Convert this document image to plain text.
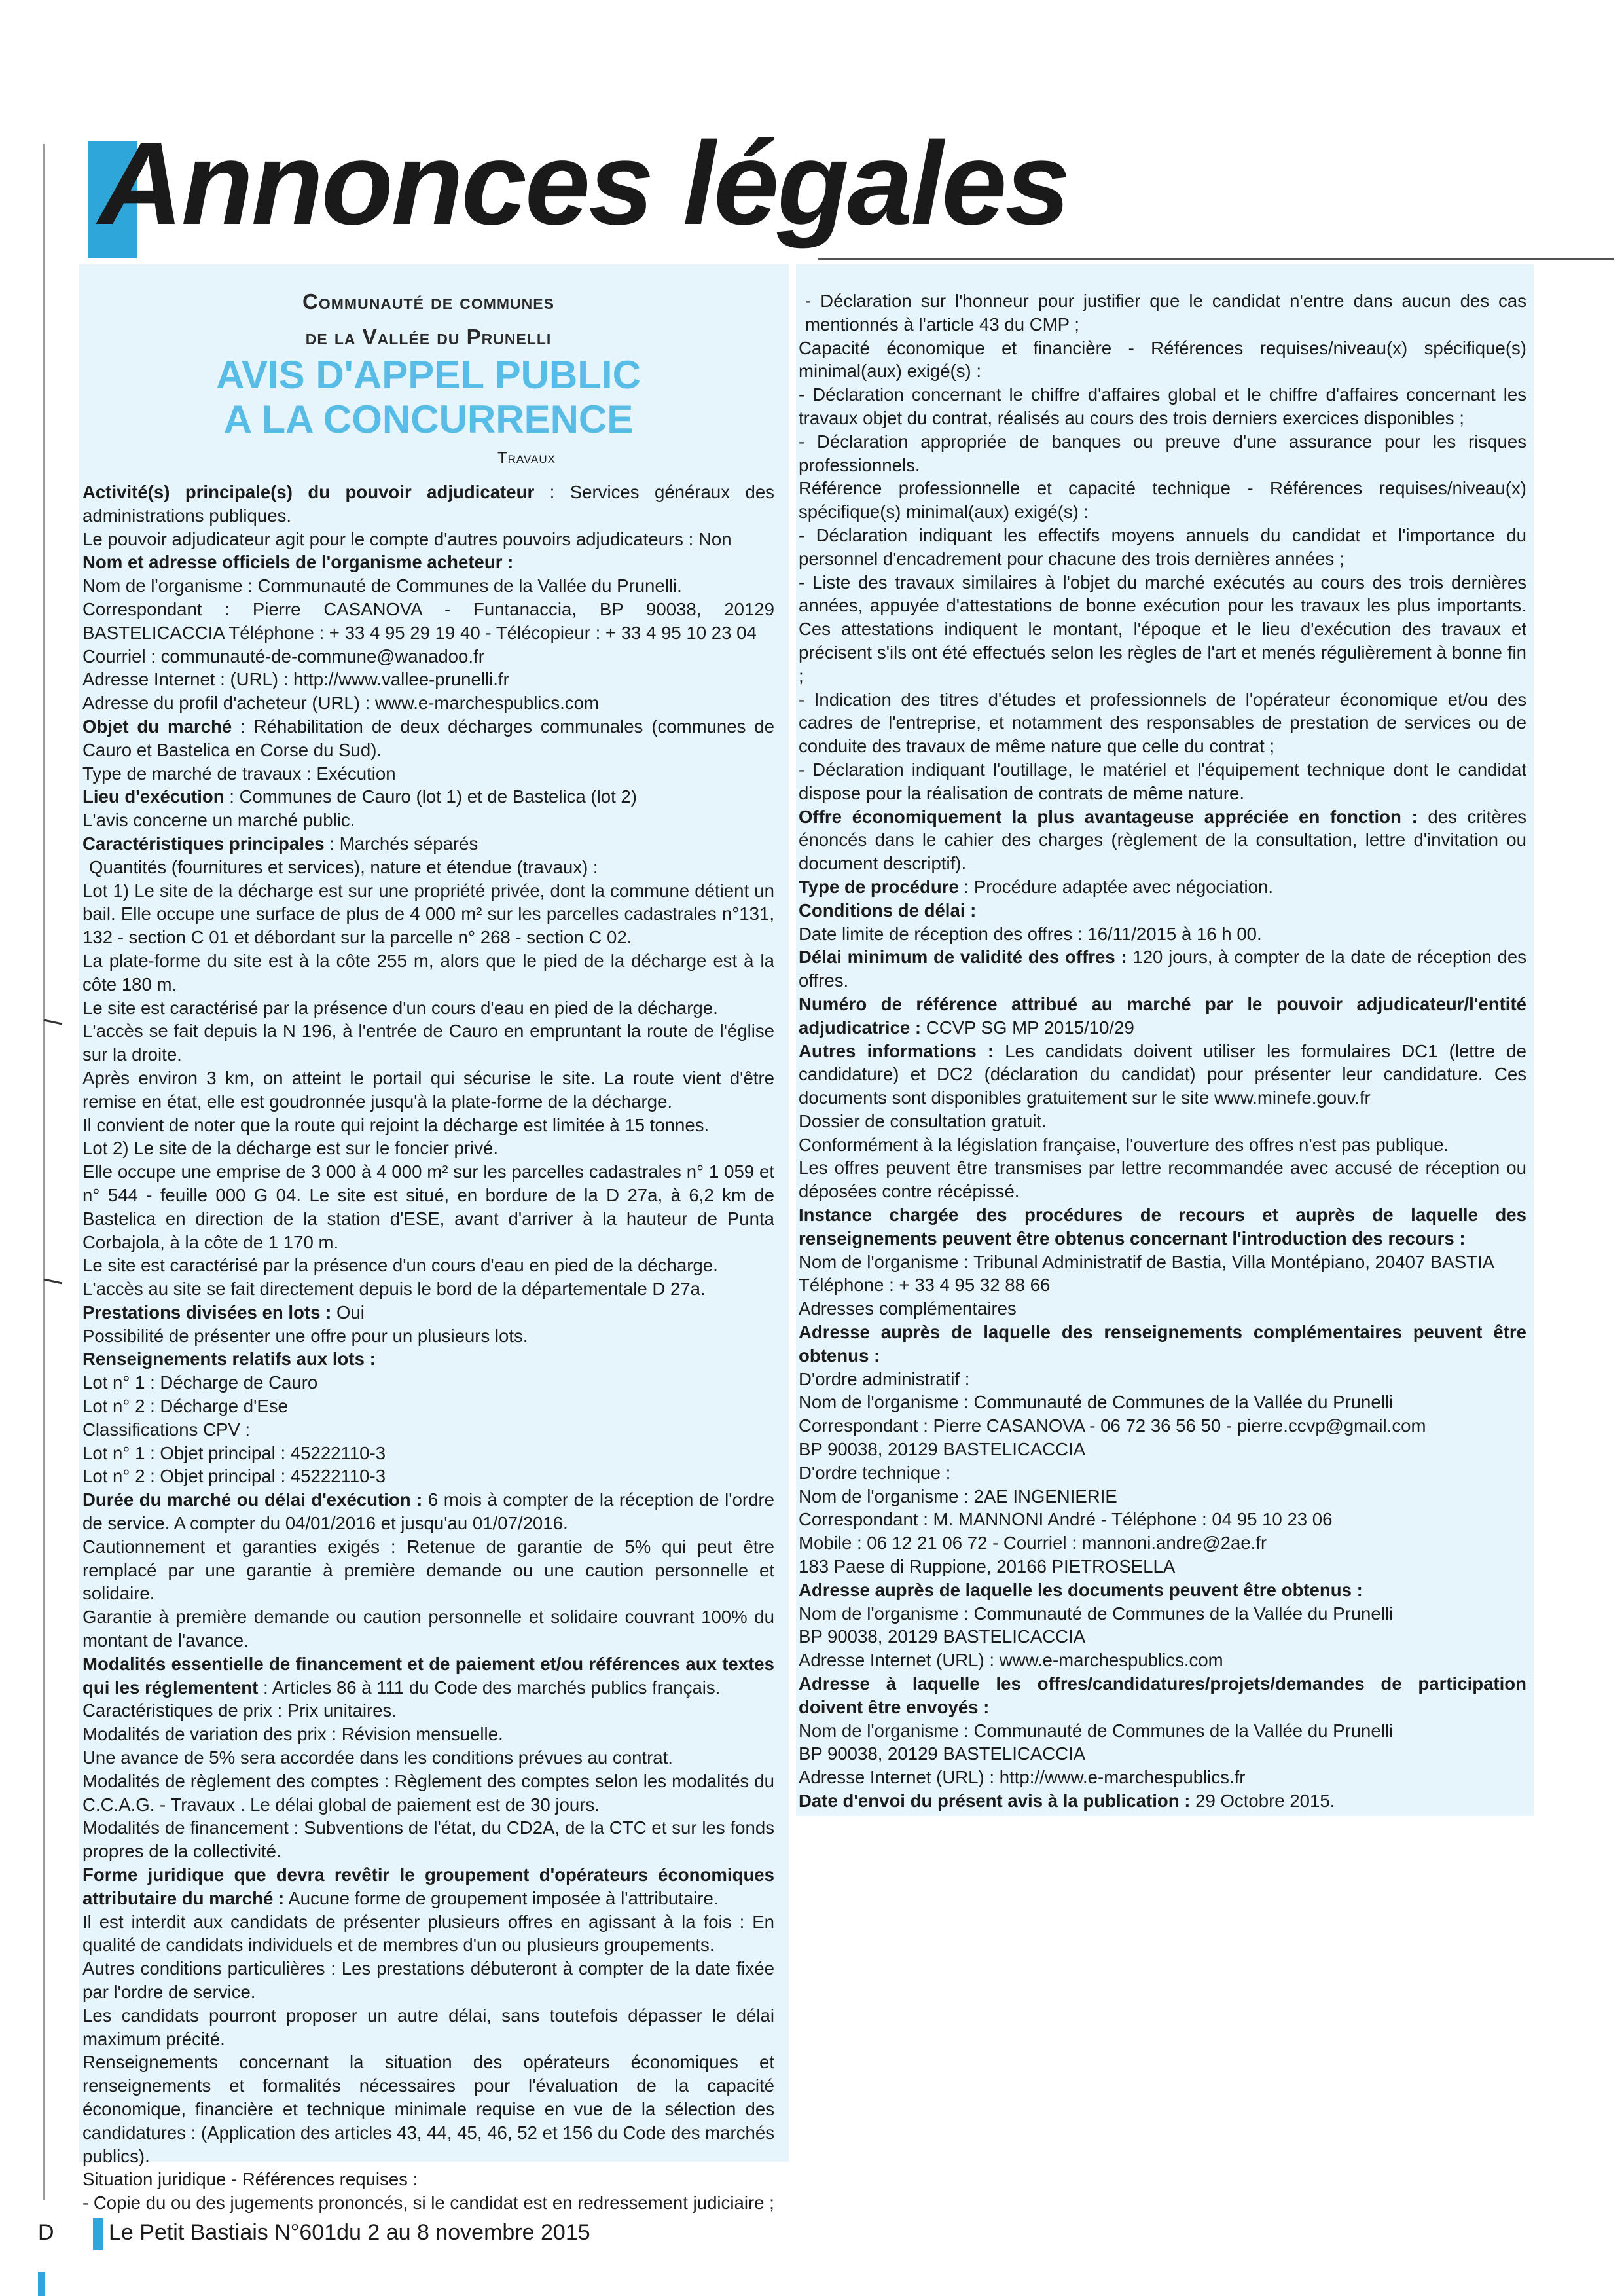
Annonces légales
Communauté de communes
de la Vallée du Prunelli
AVIS D'APPEL PUBLIC
A LA CONCURRENCE
Travaux

Activité(s) principale(s) du pouvoir adjudicateur : Services généraux des administrations publiques.

Le pouvoir adjudicateur agit pour le compte d'autres pouvoirs adjudicateurs : Non

Nom et adresse officiels de l'organisme acheteur :

Nom de l'organisme : Communauté de Communes de la Vallée du Prunelli.

Correspondant : Pierre CASANOVA - Funtanaccia, BP 90038, 20129 BASTELICACCIA Téléphone : + 33 4 95 29 19 40 - Télécopieur : + 33 4 95 10 23 04

Courriel : communauté-de-commune@wanadoo.fr

Adresse Internet : (URL) : http://www.vallee-prunelli.fr

Adresse du profil d'acheteur (URL) : www.e-marchespublics.com

Objet du marché : Réhabilitation de deux décharges communales (communes de Cauro et Bastelica en Corse du Sud).

Type de marché de travaux : Exécution

Lieu d'exécution : Communes de Cauro (lot 1) et de Bastelica (lot 2)

L'avis concerne un marché public.

Caractéristiques principales : Marchés séparés

Quantités (fournitures et services), nature et étendue (travaux) :

Lot 1) Le site de la décharge est sur une propriété privée, dont la commune détient un bail. Elle occupe une surface de plus de 4 000 m² sur les parcelles cadastrales n°131, 132 - section C 01 et débordant sur la parcelle n° 268 - section C 02.

La plate-forme du site est à la côte 255 m, alors que le pied de la décharge est à la côte 180 m.

Le site est caractérisé par la présence d'un cours d'eau en pied de la décharge.

L'accès se fait depuis la N 196, à l'entrée de Cauro en empruntant la route de l'église sur la droite.

Après environ 3 km, on atteint le portail qui sécurise le site. La route vient d'être remise en état, elle est goudronnée jusqu'à la plate-forme de la décharge.

Il convient de noter que la route qui rejoint la décharge est limitée à 15 tonnes.

Lot 2) Le site de la décharge est sur le foncier privé.

Elle occupe une emprise de 3 000 à 4 000 m² sur les parcelles cadastrales n° 1 059 et n° 544 - feuille 000 G 04. Le site est situé, en bordure de la D 27a, à 6,2 km de Bastelica en direction de la station d'ESE, avant d'arriver à la hauteur de Punta Corbajola, à la côte de 1 170 m.

Le site est caractérisé par la présence d'un cours d'eau en pied de la décharge.

L'accès au site se fait directement depuis le bord de la départementale D 27a.

Prestations divisées en lots : Oui

Possibilité de présenter une offre pour un plusieurs lots.

Renseignements relatifs aux lots :

Lot n° 1 : Décharge de Cauro

Lot n° 2 : Décharge d'Ese

Classifications CPV :

Lot n° 1 : Objet principal : 45222110-3

Lot n° 2 : Objet principal : 45222110-3

Durée du marché ou délai d'exécution : 6 mois à compter de la réception de l'ordre de service. A compter du 04/01/2016 et jusqu'au 01/07/2016.

Cautionnement et garanties exigés : Retenue de garantie de 5% qui peut être remplacé par une garantie à première demande ou une caution personnelle et solidaire.

Garantie à première demande ou caution personnelle et solidaire couvrant 100% du montant de l'avance.

Modalités essentielle de financement et de paiement et/ou références aux textes qui les réglementent : Articles 86 à 111 du Code des marchés publics français.

Caractéristiques de prix : Prix unitaires.

Modalités de variation des prix : Révision mensuelle.

Une avance de 5% sera accordée dans les conditions prévues au contrat.

Modalités de règlement des comptes : Règlement des comptes selon les modalités du C.C.A.G. - Travaux . Le délai global de paiement est de 30 jours.

Modalités de financement : Subventions de l'état, du CD2A, de la CTC et sur les fonds propres de la collectivité.

Forme juridique que devra revêtir le groupement d'opérateurs économiques attributaire du marché : Aucune forme de groupement imposée à l'attributaire.

Il est interdit aux candidats de présenter plusieurs offres en agissant à la fois : En qualité de candidats individuels et de membres d'un ou plusieurs groupements.

Autres conditions particulières : Les prestations débuteront à compter de la date fixée par l'ordre de service.

Les candidats pourront proposer un autre délai, sans toutefois dépasser le délai maximum précité.

Renseignements concernant la situation des opérateurs économiques et renseignements et formalités nécessaires pour l'évaluation de la capacité économique, financière et technique minimale requise en vue de la sélection des candidatures : (Application des articles 43, 44, 45, 46, 52 et 156 du Code des marchés publics).

Situation juridique - Références requises :

- Copie du ou des jugements prononcés, si le candidat est en redressement judiciaire ;

- Déclaration sur l'honneur pour justifier que le candidat n'entre dans aucun des cas mentionnés à l'article 43 du CMP ;

Capacité économique et financière - Références requises/niveau(x) spécifique(s) minimal(aux) exigé(s) :

- Déclaration concernant le chiffre d'affaires global et le chiffre d'affaires concernant les travaux objet du contrat, réalisés au cours des trois derniers exercices disponibles ;

- Déclaration appropriée de banques ou preuve d'une assurance pour les risques professionnels.

Référence professionnelle et capacité technique - Références requises/niveau(x) spécifique(s) minimal(aux) exigé(s) :

- Déclaration indiquant les effectifs moyens annuels du candidat et l'importance du personnel d'encadrement pour chacune des trois dernières années ;

- Liste des travaux similaires à l'objet du marché exécutés au cours des trois dernières années, appuyée d'attestations de bonne exécution pour les travaux les plus importants. Ces attestations indiquent le montant, l'époque et le lieu d'exécution des travaux et précisent s'ils ont été effectués selon les règles de l'art et menés régulièrement à bonne fin ;

- Indication des titres d'études et professionnels de l'opérateur économique et/ou des cadres de l'entreprise, et notamment des responsables de prestation de services ou de conduite des travaux de même nature que celle du contrat ;

- Déclaration indiquant l'outillage, le matériel et l'équipement technique dont le candidat dispose pour la réalisation de contrats de même nature.

Offre économiquement la plus avantageuse appréciée en fonction : des critères énoncés dans le cahier des charges (règlement de la consultation, lettre d'invitation ou document descriptif).

Type de procédure : Procédure adaptée avec négociation.

Conditions de délai :

Date limite de réception des offres : 16/11/2015 à 16 h 00.

Délai minimum de validité des offres : 120 jours, à compter de la date de réception des offres.

Numéro de référence attribué au marché par le pouvoir adjudicateur/l'entité adjudicatrice : CCVP SG MP 2015/10/29

Autres informations : Les candidats doivent utiliser les formulaires DC1 (lettre de candidature) et DC2 (déclaration du candidat) pour présenter leur candidature. Ces documents sont disponibles gratuitement sur le site www.minefe.gouv.fr

Dossier de consultation gratuit.

Conformément à la législation française, l'ouverture des offres n'est pas publique.

Les offres peuvent être transmises par lettre recommandée avec accusé de réception ou déposées contre récépissé.

Instance chargée des procédures de recours et auprès de laquelle des renseignements peuvent être obtenus concernant l'introduction des recours :

Nom de l'organisme : Tribunal Administratif de Bastia, Villa Montépiano, 20407 BASTIA

Téléphone : + 33 4 95 32 88 66

Adresses complémentaires

Adresse auprès de laquelle des renseignements complémentaires peuvent être obtenus :

D'ordre administratif :

Nom de l'organisme : Communauté de Communes de la Vallée du Prunelli

Correspondant : Pierre CASANOVA - 06 72 36 56 50 - pierre.ccvp@gmail.com

BP 90038, 20129 BASTELICACCIA

D'ordre technique :

Nom de l'organisme : 2AE INGENIERIE

Correspondant : M. MANNONI André - Téléphone : 04 95 10 23 06

Mobile : 06 12 21 06 72 - Courriel : mannoni.andre@2ae.fr

183 Paese di Ruppione, 20166 PIETROSELLA

Adresse auprès de laquelle les documents peuvent être obtenus :

Nom de l'organisme : Communauté de Communes de la Vallée du Prunelli

BP 90038, 20129 BASTELICACCIA

Adresse Internet (URL) : www.e-marchespublics.com

Adresse à laquelle les offres/candidatures/projets/demandes de participation doivent être envoyés :

Nom de l'organisme : Communauté de Communes de la Vallée du Prunelli

BP 90038, 20129 BASTELICACCIA

Adresse Internet (URL) : http://www.e-marchespublics.fr

Date d'envoi du présent avis à la publication : 29 Octobre 2015.

D Le Petit Bastiais N°601du 2 au 8 novembre 2015
